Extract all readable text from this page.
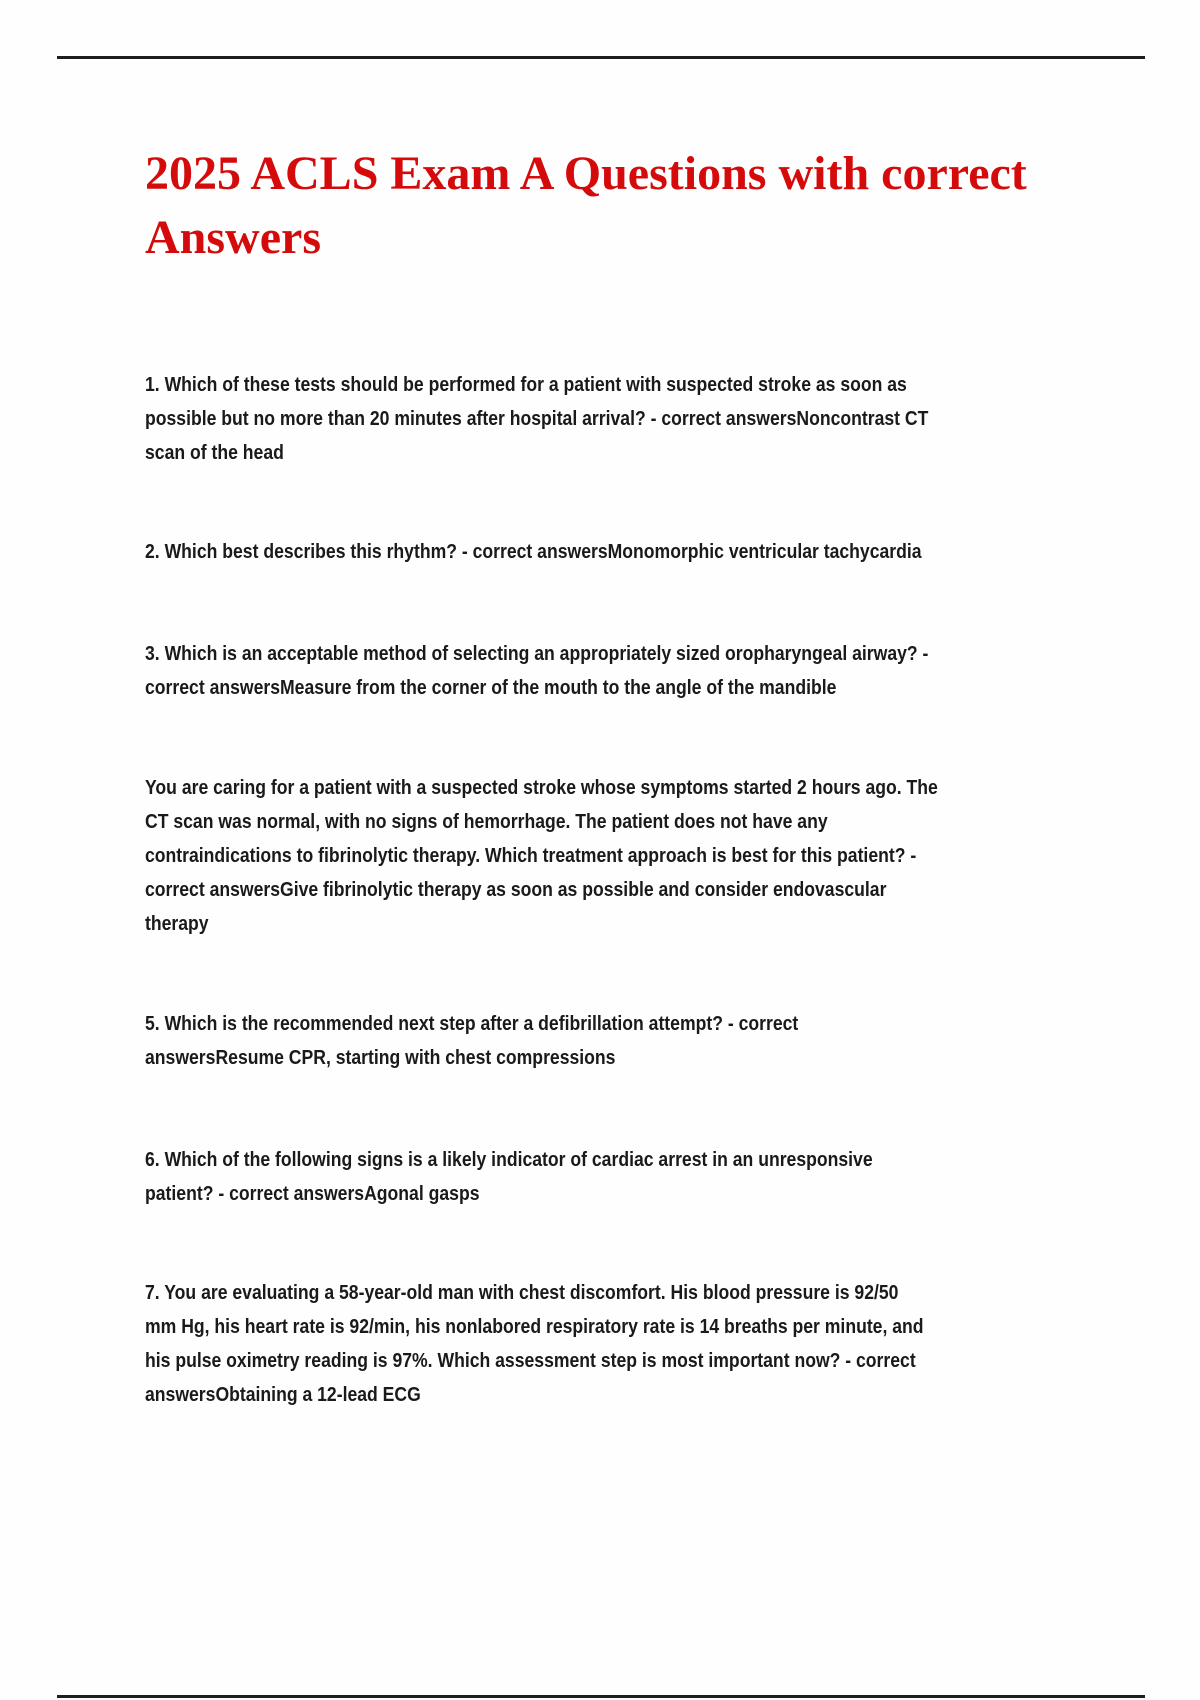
2025 ACLS Exam A Questions with correct
Answers
1. Which of these tests should be performed for a patient with suspected stroke as soon as
possible but no more than 20 minutes after hospital arrival? - correct answersNoncontrast CT
scan of the head
2. Which best describes this rhythm? - correct answersMonomorphic ventricular tachycardia
3. Which is an acceptable method of selecting an appropriately sized oropharyngeal airway? -
correct answersMeasure from the corner of the mouth to the angle of the mandible
You are caring for a patient with a suspected stroke whose symptoms started 2 hours ago. The
CT scan was normal, with no signs of hemorrhage. The patient does not have any
contraindications to fibrinolytic therapy. Which treatment approach is best for this patient? -
correct answersGive fibrinolytic therapy as soon as possible and consider endovascular
therapy
5. Which is the recommended next step after a defibrillation attempt? - correct
answersResume CPR, starting with chest compressions
6. Which of the following signs is a likely indicator of cardiac arrest in an unresponsive
patient? - correct answersAgonal gasps
7. You are evaluating a 58-year-old man with chest discomfort. His blood pressure is 92/50
mm Hg, his heart rate is 92/min, his nonlabored respiratory rate is 14 breaths per minute, and
his pulse oximetry reading is 97%. Which assessment step is most important now? - correct
answersObtaining a 12-lead ECG
